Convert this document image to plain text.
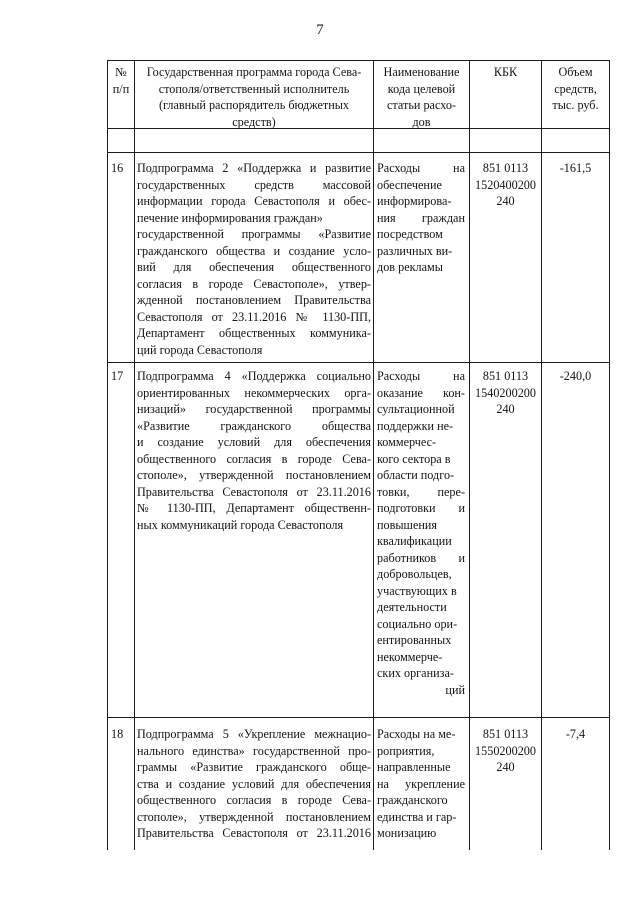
7
№
п/п
Государственная программа города Сева-
стополя/ответственный исполнитель
(главный распорядитель бюджетных
средств)
Наименование
кода целевой
статьи расхо-
дов
КБК	Объем
средств,
тыс. руб.
16 Подпрограмма 2 «Поддержка и развитие
государственных средств массовой
информации города Севастополя и обес-
печение информирования граждан»
государственной программы «Развитие
гражданского общества и создание усло-
вий для обеспечения общественного
согласия в городе Севастополе», утвер-
жденной постановлением Правительства
Севастополя от 23.11.2016 № 1130-ПП,
Департамент общественных коммуника-
ций города Севастополя
Расходы на
обеспечение
информирова-
ния граждан
посредством
различных ви-
дов рекламы
851 0113
1520400200
240
-161,5
17 Подпрограмма 4 «Поддержка социально
ориентированных некоммерческих орга-
низаций» государственной программы
«Развитие гражданского общества
и создание условий для обеспечения
общественного согласия в городе Сева-
стополе», утвержденной постановлением
Правительства Севастополя от 23.11.2016
№ 1130-ПП, Департамент общественн-
ных коммуникаций города Севастополя
Расходы на
оказание кон-
сультационной
поддержки не-
коммерчес-
кого сектора в
области подго-
товки, пере-
подготовки и
повышения
квалификации
работников и
добровольцев,
участвующих в
деятельности
социально ори-
ентированных
некоммерче-
ских организа-
ций
851 0113
1540200200
240
-240,0
18 Подпрограмма 5 «Укрепление межнацио-
нального единства» государственной про-
граммы «Развитие гражданского обще-
ства и создание условий для обеспечения
общественного согласия в городе Сева-
стополе», утвержденной постановлением
Правительства Севастополя от 23.11.2016
Расходы на ме-
роприятия,
направленные
на укрепление
гражданского
единства и гар-
монизацию
851 0113
1550200200
240
-7,4
